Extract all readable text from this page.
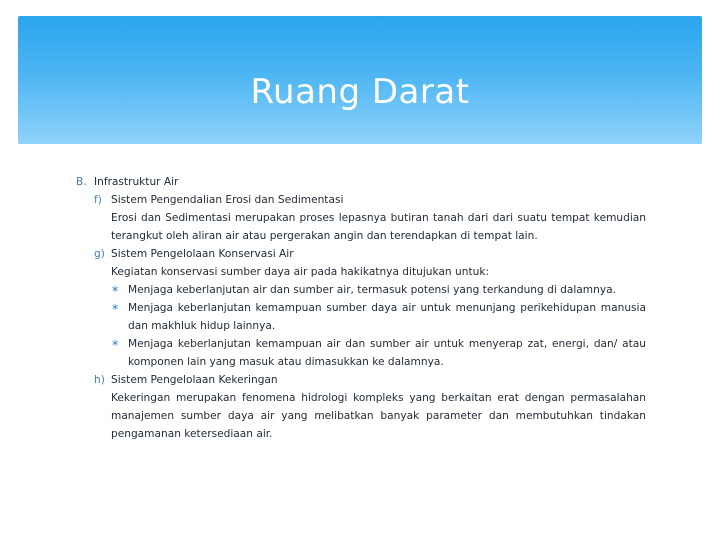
Ruang Darat
B. Infrastruktur Air
f) Sistem Pengendalian Erosi dan Sedimentasi
Erosi dan Sedimentasi merupakan proses lepasnya butiran tanah dari dari suatu tempat kemudian terangkut oleh aliran air atau pergerakan angin dan terendapkan di tempat lain.
g) Sistem Pengelolaan Konservasi Air
Kegiatan konservasi sumber daya air pada hakikatnya ditujukan untuk:
∗ Menjaga keberlanjutan air dan sumber air, termasuk potensi yang terkandung di dalamnya.
∗ Menjaga keberlanjutan kemampuan sumber daya air untuk menunjang perikehidupan manusia dan makhluk hidup lainnya.
∗ Menjaga keberlanjutan kemampuan air dan sumber air untuk menyerap zat, energi, dan/ atau komponen lain yang masuk atau dimasukkan ke dalamnya.
h) Sistem Pengelolaan Kekeringan
Kekeringan merupakan fenomena hidrologi kompleks yang berkaitan erat dengan permasalahan manajemen sumber daya air yang melibatkan banyak parameter dan membutuhkan tindakan pengamanan ketersediaan air.
